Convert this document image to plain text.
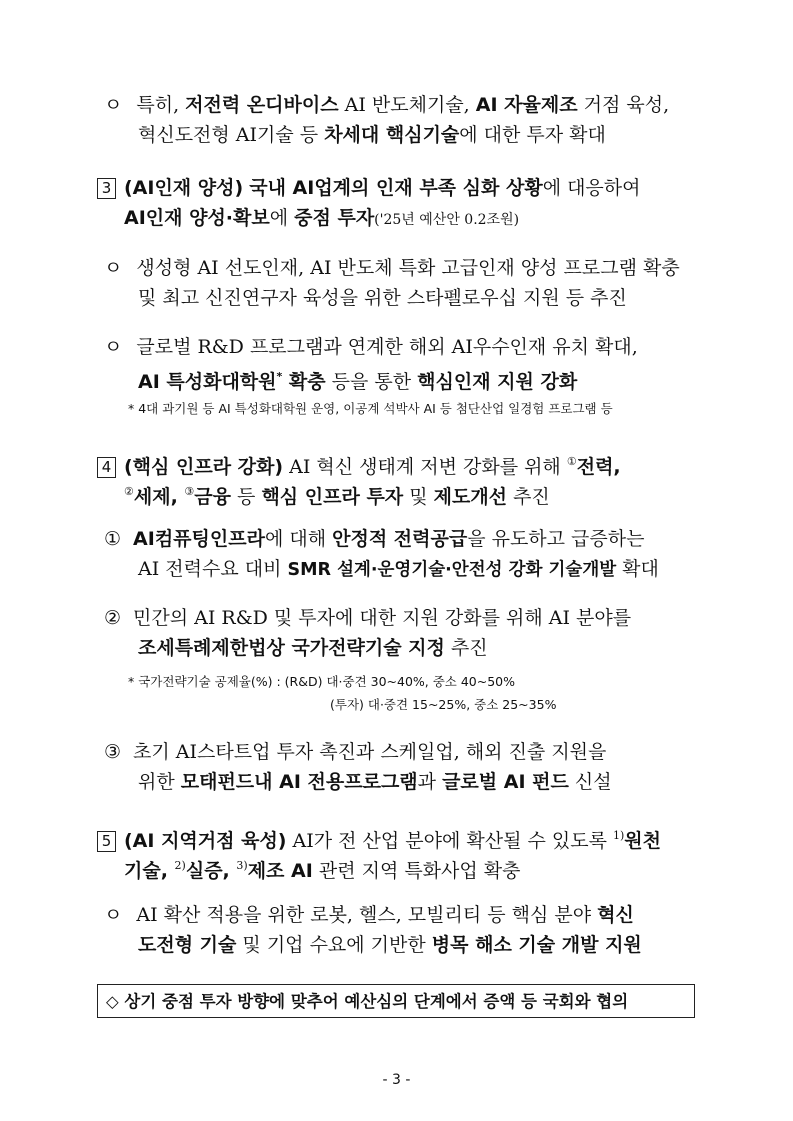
ㅇ 특히, 저전력 온디바이스 AI 반도체기술, AI 자율제조 거점 육성,
혁신도전형 AI기술 등 차세대 핵심기술에 대한 투자 확대
3 (AI인재 양성) 국내 AI업계의 인재 부족 심화 상황에 대응하여
AI인재 양성·확보에 중점 투자('25년 예산안 0.2조원)
ㅇ 생성형 AI 선도인재, AI 반도체 특화 고급인재 양성 프로그램 확충
및 최고 신진연구자 육성을 위한 스타펠로우십 지원 등 추진
ㅇ 글로벌 R&D 프로그램과 연계한 해외 AI우수인재 유치 확대,
AI 특성화대학원* 확충 등을 통한 핵심인재 지원 강화
* 4대 과기원 등 AI 특성화대학원 운영, 이공계 석박사 AI 등 첨단산업 일경험 프로그램 등
4 (핵심 인프라 강화) AI 혁신 생태계 저변 강화를 위해 ①전력,
②세제, ③금융 등 핵심 인프라 투자 및 제도개선 추진
① AI컴퓨팅인프라에 대해 안정적 전력공급을 유도하고 급증하는
AI 전력수요 대비 SMR 설계·운영기술·안전성 강화 기술개발 확대
② 민간의 AI R&D 및 투자에 대한 지원 강화를 위해 AI 분야를
조세특례제한법상 국가전략기술 지정 추진
* 국가전략기술 공제율(%) : (R&D) 대·중견 30~40%, 중소 40~50%
(투자) 대·중견 15~25%, 중소 25~35%
③ 초기 AI스타트업 투자 촉진과 스케일업, 해외 진출 지원을
위한 모태펀드내 AI 전용프로그램과 글로벌 AI 펀드 신설
5 (AI 지역거점 육성) AI가 전 산업 분야에 확산될 수 있도록 $^{1)}$원천
기술, $^{2)}$실증, $^{3)}$제조 AI 관련 지역 특화사업 확충
ㅇ AI 확산 적용을 위한 로봇, 헬스, 모빌리티 등 핵심 분야 혁신
도전형 기술 및 기업 수요에 기반한 병목 해소 기술 개발 지원
◇ 상기 중점 투자 방향에 맞추어 예산심의 단계에서 증액 등 국회와 협의
- 3 -
